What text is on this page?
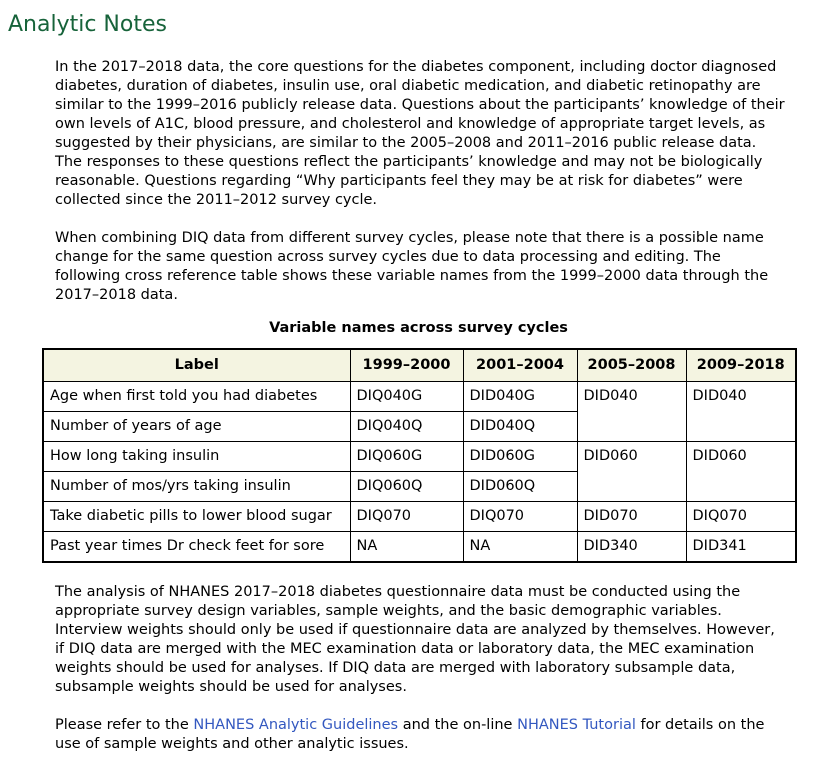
Analytic Notes

In the 2017–2018 data, the core questions for the diabetes component, including doctor diagnosed diabetes, duration of diabetes, insulin use, oral diabetic medication, and diabetic retinopathy are similar to the 1999–2016 publicly release data. Questions about the participants’ knowledge of their own levels of A1C, blood pressure, and cholesterol and knowledge of appropriate target levels, as suggested by their physicians, are similar to the 2005–2008 and 2011–2016 public release data. The responses to these questions reflect the participants’ knowledge and may not be biologically reasonable. Questions regarding “Why participants feel they may be at risk for diabetes” were collected since the 2011–2012 survey cycle.

When combining DIQ data from different survey cycles, please note that there is a possible name change for the same question across survey cycles due to data processing and editing. The following cross reference table shows these variable names from the 1999–2000 data through the 2017–2018 data.

Variable names across survey cycles
Label	1999–2000	2001–2004	2005–2008	2009–2018
Age when first told you had diabetes	DIQ040G	DID040G	DID040	DID040
Number of years of age	DIQ040Q	DID040Q		
How long taking insulin	DIQ060G	DID060G	DID060	DID060
Number of mos/yrs taking insulin	DIQ060Q	DID060Q		
Take diabetic pills to lower blood sugar	DIQ070	DIQ070	DID070	DIQ070
Past year times Dr check feet for sore	NA	NA	DID340	DID341

The analysis of NHANES 2017–2018 diabetes questionnaire data must be conducted using the appropriate survey design variables, sample weights, and the basic demographic variables. Interview weights should only be used if questionnaire data are analyzed by themselves. However, if DIQ data are merged with the MEC examination data or laboratory data, the MEC examination weights should be used for analyses. If DIQ data are merged with laboratory subsample data, subsample weights should be used for analyses.

Please refer to the NHANES Analytic Guidelines and the on-line NHANES Tutorial for details on the use of sample weights and other analytic issues.
